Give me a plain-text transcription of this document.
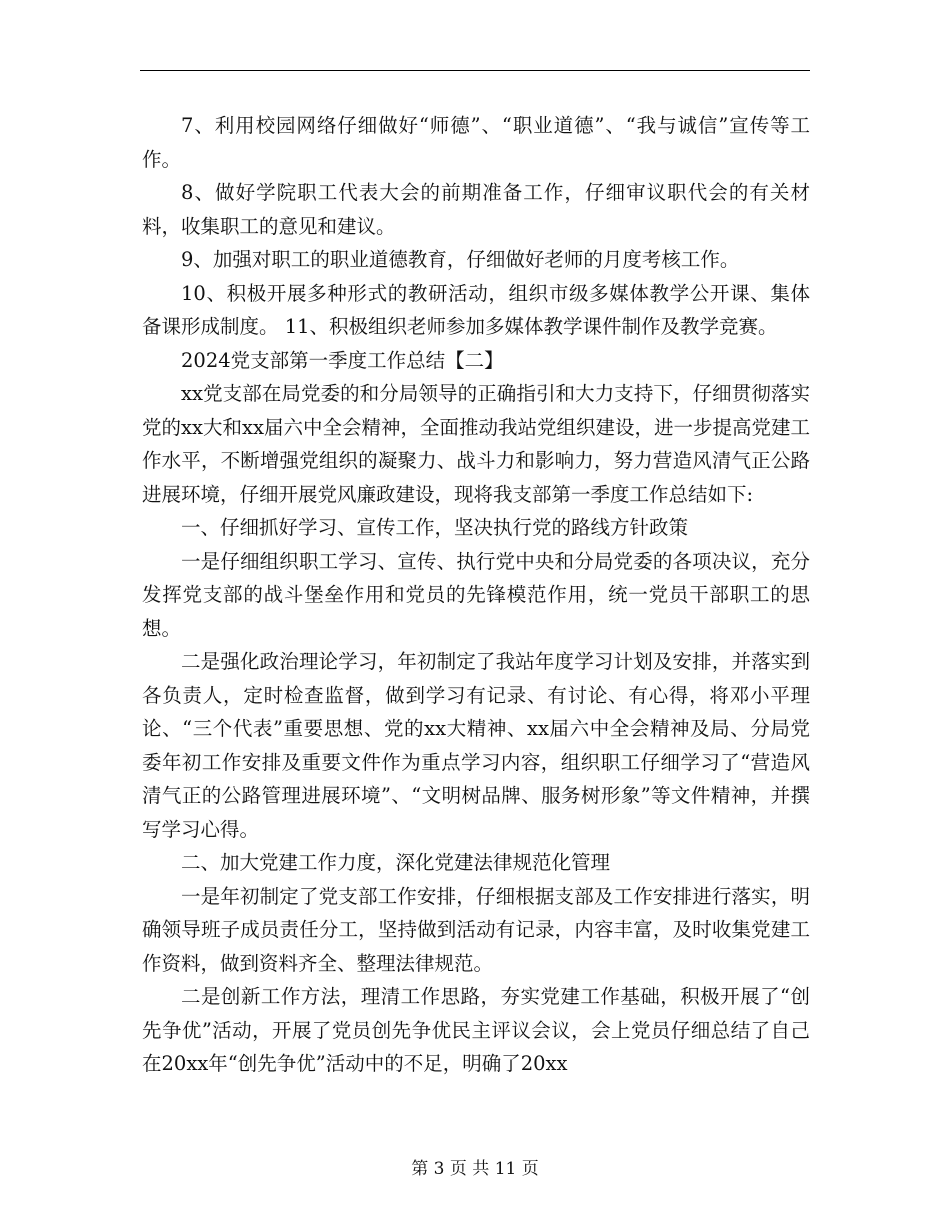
7、利用校园网络仔细做好“师德”、“职业道德”、“我与诚信”宣传等工作。

8、做好学院职工代表大会的前期准备工作，仔细审议职代会的有关材料，收集职工的意见和建议。

9、加强对职工的职业道德教育，仔细做好老师的月度考核工作。

10、积极开展多种形式的教研活动，组织市级多媒体教学公开课、集体备课形成制度。 11、积极组织老师参加多媒体教学课件制作及教学竞赛。

2024党支部第一季度工作总结【二】

xx党支部在局党委的和分局领导的正确指引和大力支持下，仔细贯彻落实党的xx大和xx届六中全会精神，全面推动我站党组织建设，进一步提高党建工作水平，不断增强党组织的凝聚力、战斗力和影响力，努力营造风清气正公路进展环境，仔细开展党风廉政建设，现将我支部第一季度工作总结如下:

一、仔细抓好学习、宣传工作，坚决执行党的路线方针政策

一是仔细组织职工学习、宣传、执行党中央和分局党委的各项决议，充分发挥党支部的战斗堡垒作用和党员的先锋模范作用，统一党员干部职工的思想。

二是强化政治理论学习，年初制定了我站年度学习计划及安排，并落实到各负责人，定时检查监督，做到学习有记录、有讨论、有心得，将邓小平理论、“三个代表”重要思想、党的xx大精神、xx届六中全会精神及局、分局党委年初工作安排及重要文件作为重点学习内容，组织职工仔细学习了“营造风清气正的公路管理进展环境”、“文明树品牌、服务树形象”等文件精神，并撰写学习心得。

二、加大党建工作力度，深化党建法律规范化管理

一是年初制定了党支部工作安排，仔细根据支部及工作安排进行落实，明确领导班子成员责任分工，坚持做到活动有记录，内容丰富，及时收集党建工作资料，做到资料齐全、整理法律规范。

二是创新工作方法，理清工作思路，夯实党建工作基础，积极开展了“创先争优”活动，开展了党员创先争优民主评议会议，会上党员仔细总结了自己在20xx年“创先争优”活动中的不足，明确了20xx

第 3 页 共 11 页
